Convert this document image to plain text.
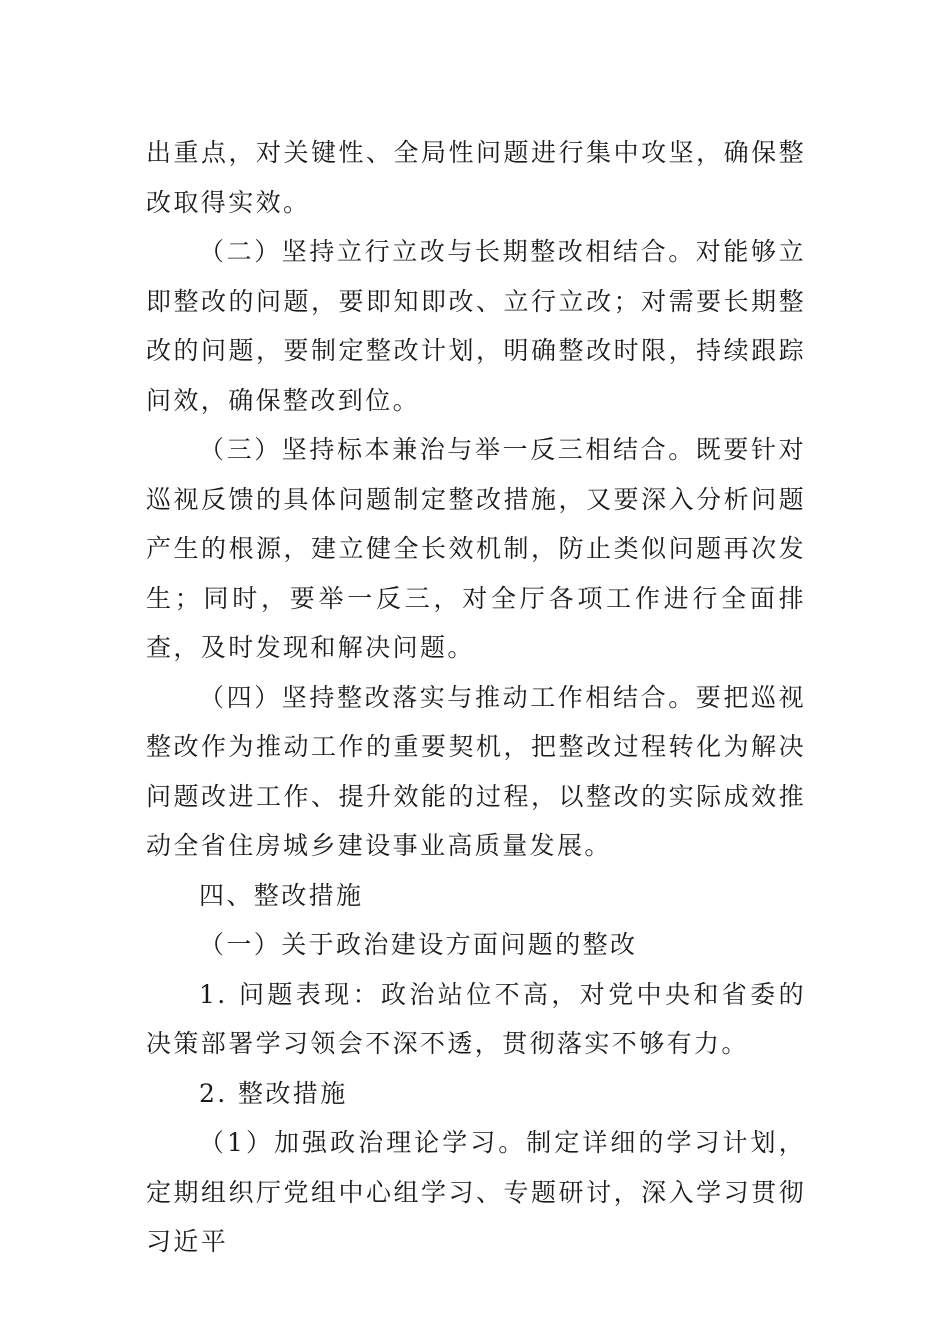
出重点，对关键性、全局性问题进行集中攻坚，确保整改取得实效。

（二）坚持立行立改与长期整改相结合。对能够立即整改的问题，要即知即改、立行立改；对需要长期整改的问题，要制定整改计划，明确整改时限，持续跟踪问效，确保整改到位。

（三）坚持标本兼治与举一反三相结合。既要针对巡视反馈的具体问题制定整改措施，又要深入分析问题产生的根源，建立健全长效机制，防止类似问题再次发生；同时，要举一反三，对全厅各项工作进行全面排查，及时发现和解决问题。

（四）坚持整改落实与推动工作相结合。要把巡视整改作为推动工作的重要契机，把整改过程转化为解决问题改进工作、提升效能的过程，以整改的实际成效推动全省住房城乡建设事业高质量发展。

四、整改措施

（一）关于政治建设方面问题的整改

1. 问题表现：政治站位不高，对党中央和省委的决策部署学习领会不深不透，贯彻落实不够有力。

2. 整改措施

（1）加强政治理论学习。制定详细的学习计划，定期组织厅党组中心组学习、专题研讨，深入学习贯彻习近平
